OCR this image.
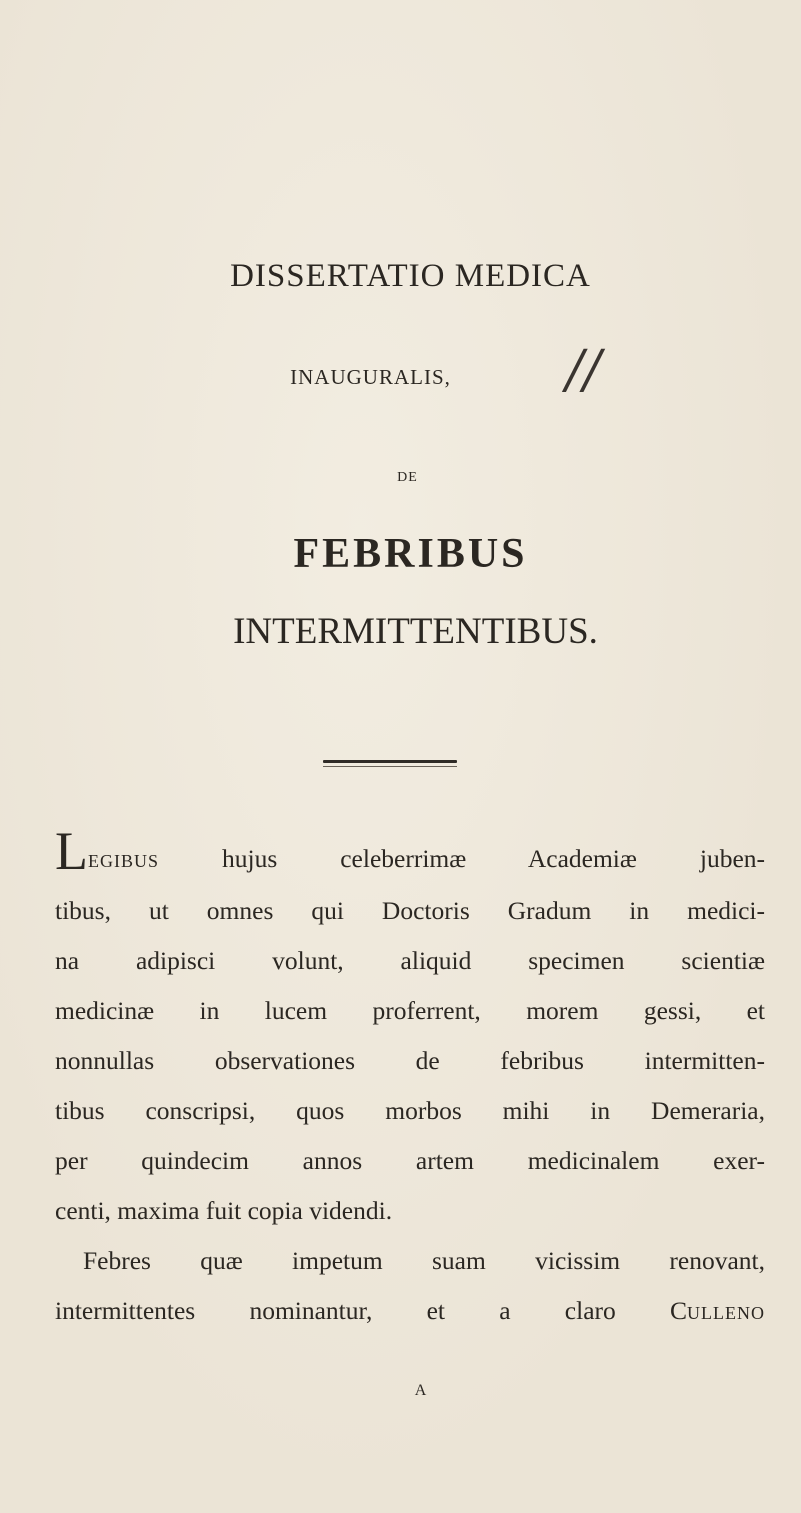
DISSERTATIO MEDICA
INAUGURALIS,	//
DE
FEBRIBUS
INTERMITTENTIBUS.
LEGIBUS hujus celeberrimæ Academiæ juben-
tibus, ut omnes qui Doctoris Gradum in medici-
na adipisci volunt, aliquid specimen scientiæ
medicinæ in lucem proferrent, morem gessi, et
nonnullas observationes de febribus intermitten-
tibus conscripsi, quos morbos mihi in Demeraria,
per quindecim annos artem medicinalem exer-
centi, maxima fuit copia videndi.
Febres quæ impetum suam vicissim renovant,
intermittentes nominantur, et a claro CULLENO
A
